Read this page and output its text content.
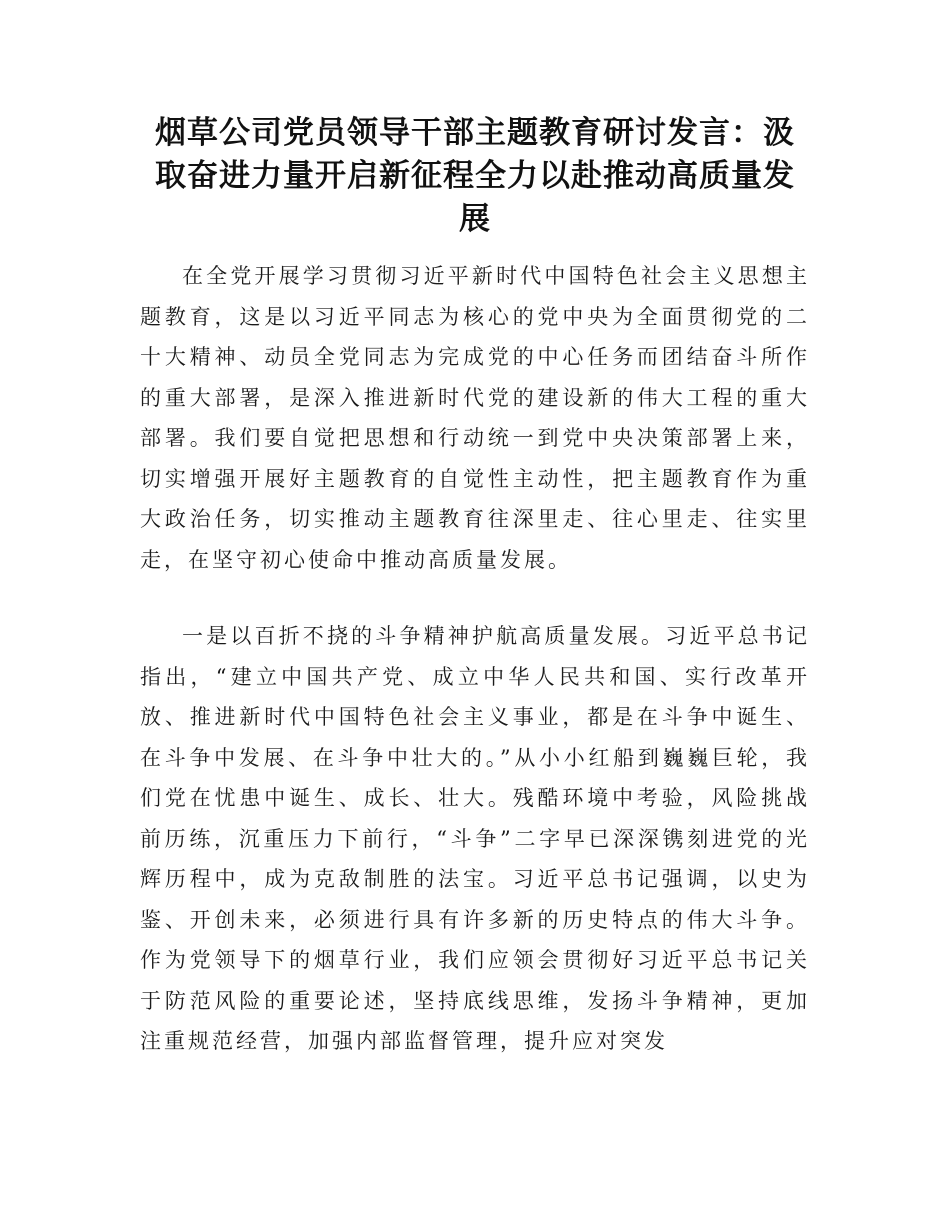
烟草公司党员领导干部主题教育研讨发言：汲取奋进力量开启新征程全力以赴推动高质量发展

在全党开展学习贯彻习近平新时代中国特色社会主义思想主题教育，这是以习近平同志为核心的党中央为全面贯彻党的二十大精神、动员全党同志为完成党的中心任务而团结奋斗所作的重大部署，是深入推进新时代党的建设新的伟大工程的重大部署。我们要自觉把思想和行动统一到党中央决策部署上来，切实增强开展好主题教育的自觉性主动性，把主题教育作为重大政治任务，切实推动主题教育往深里走、往心里走、往实里走，在坚守初心使命中推动高质量发展。

一是以百折不挠的斗争精神护航高质量发展。习近平总书记指出，“建立中国共产党、成立中华人民共和国、实行改革开放、推进新时代中国特色社会主义事业，都是在斗争中诞生、在斗争中发展、在斗争中壮大的。”从小小红船到巍巍巨轮，我们党在忧患中诞生、成长、壮大。残酷环境中考验，风险挑战前历练，沉重压力下前行，“斗争”二字早已深深镌刻进党的光辉历程中，成为克敌制胜的法宝。习近平总书记强调，以史为鉴、开创未来，必须进行具有许多新的历史特点的伟大斗争。作为党领导下的烟草行业，我们应领会贯彻好习近平总书记关于防范风险的重要论述，坚持底线思维，发扬斗争精神，更加注重规范经营，加强内部监督管理，提升应对突发
